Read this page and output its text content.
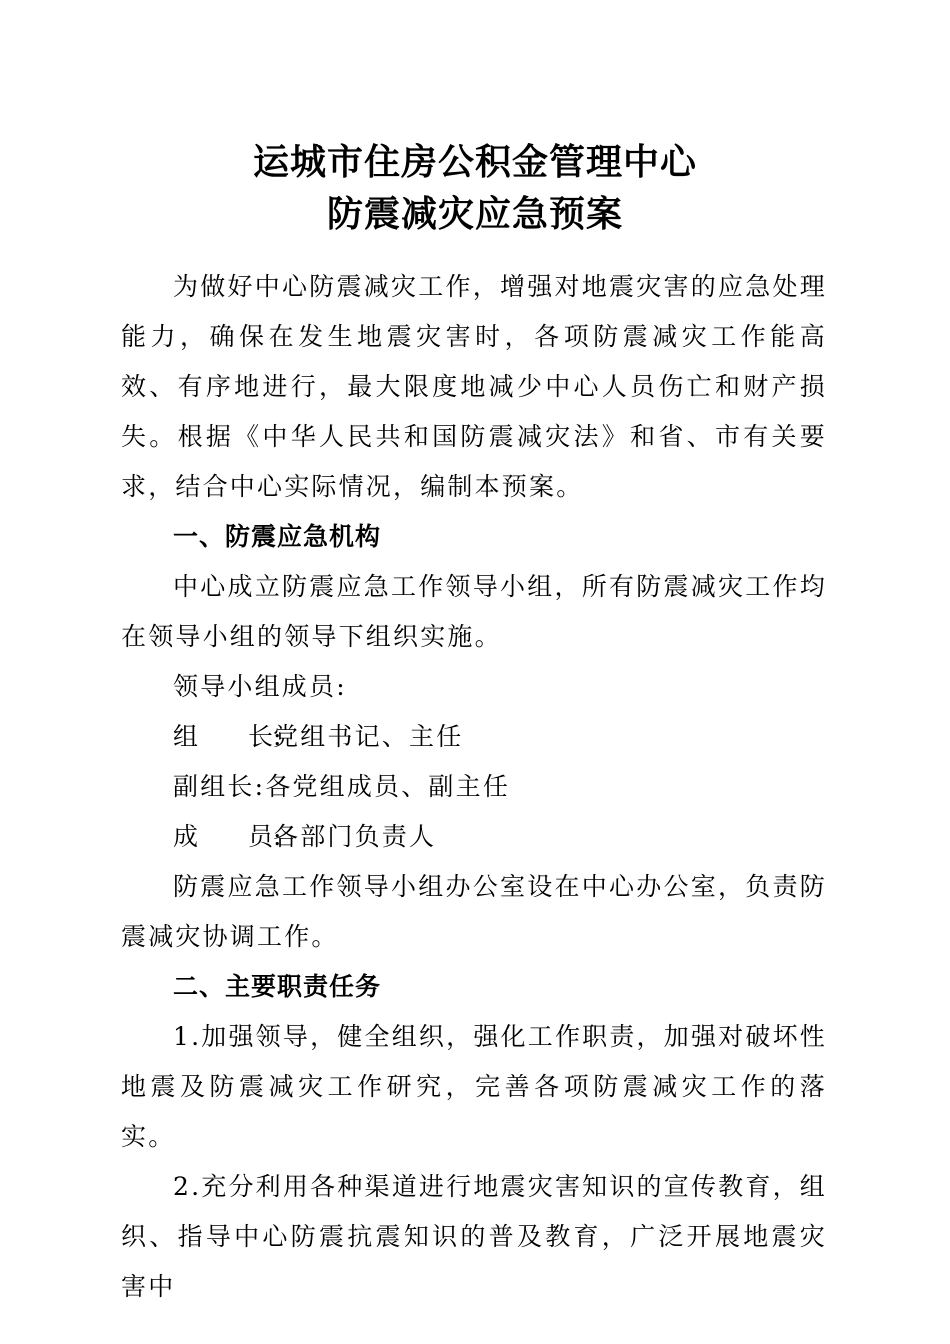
运城市住房公积金管理中心
防震减灾应急预案

为做好中心防震减灾工作，增强对地震灾害的应急处理能力，确保在发生地震灾害时，各项防震减灾工作能高效、有序地进行，最大限度地减少中心人员伤亡和财产损失。根据《中华人民共和国防震减灾法》和省、市有关要求，结合中心实际情况，编制本预案。

一、防震应急机构

中心成立防震应急工作领导小组，所有防震减灾工作均在领导小组的领导下组织实施。

领导小组成员:

组　　长:党组书记、主任

副组长:各党组成员、副主任

成　　员:各部门负责人

防震应急工作领导小组办公室设在中心办公室，负责防震减灾协调工作。

二、主要职责任务

1.加强领导，健全组织，强化工作职责，加强对破坏性地震及防震减灾工作研究，完善各项防震减灾工作的落实。

2.充分利用各种渠道进行地震灾害知识的宣传教育，组织、指导中心防震抗震知识的普及教育，广泛开展地震灾害中
